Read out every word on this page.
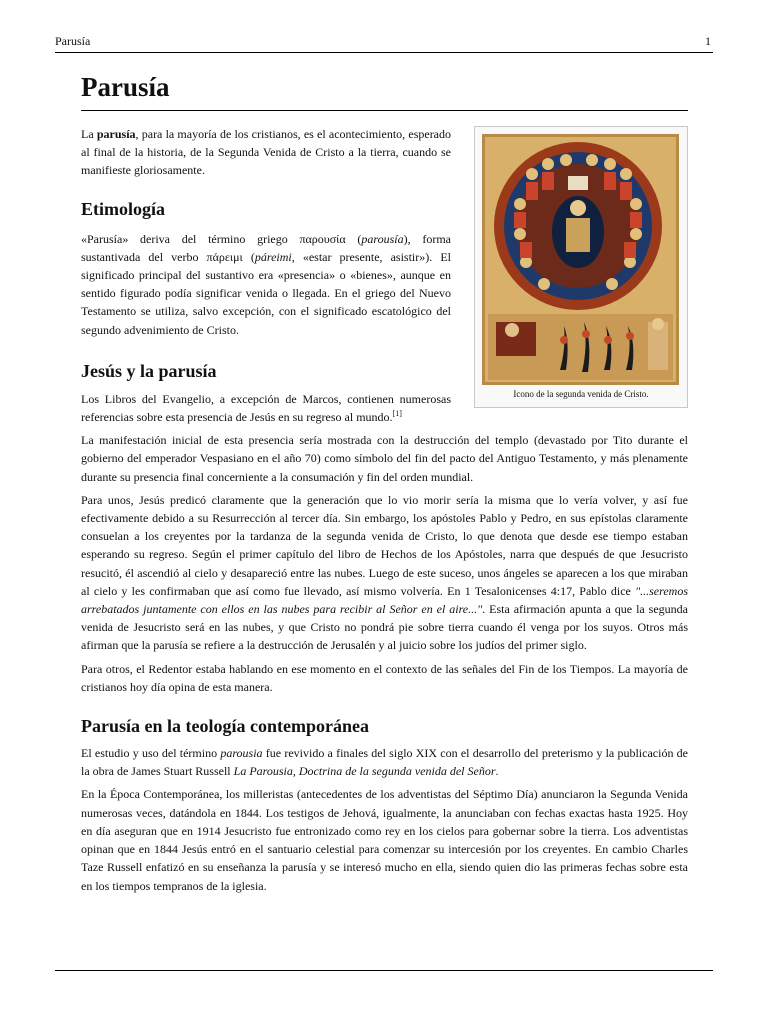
Parusía	1
Parusía
Icono de la segunda venida de Cristo.

La parusía, para la mayoría de los cristianos, es el acontecimiento, esperado al final de la historia, de la Segunda Venida de Cristo a la tierra, cuando se manifieste gloriosamente.

Etimología

«Parusía» deriva del término griego παρουσία (parousía), forma sustantivada del verbo πάρειμι (páreimi, «estar presente, asistir»). El significado principal del sustantivo era «presencia» o «bienes», aunque en sentido figurado podía significar venida o llegada. En el griego del Nuevo Testamento se utiliza, salvo excepción, con el significado escatológico del segundo advenimiento de Cristo.

Jesús y la parusía

Los Libros del Evangelio, a excepción de Marcos, contienen numerosas referencias sobre esta presencia de Jesús en su regreso al mundo.[1]

La manifestación inicial de esta presencia sería mostrada con la destrucción del templo (devastado por Tito durante el gobierno del emperador Vespasiano en el año 70) como símbolo del fin del pacto del Antiguo Testamento, y más plenamente durante su presencia final concerniente a la consumación y fin del orden mundial.

Para unos, Jesús predicó claramente que la generación que lo vio morir sería la misma que lo vería volver, y así fue efectivamente debido a su Resurrección al tercer día. Sin embargo, los apóstoles Pablo y Pedro, en sus epístolas claramente consuelan a los creyentes por la tardanza de la segunda venida de Cristo, lo que denota que desde ese tiempo estaban esperando su regreso. Según el primer capítulo del libro de Hechos de los Apóstoles, narra que después de que Jesucristo resucitó, él ascendió al cielo y desapareció entre las nubes. Luego de este suceso, unos ángeles se aparecen a los que miraban al cielo y les confirmaban que así como fue llevado, así mismo volvería. En 1 Tesalonicenses 4:17, Pablo dice "...seremos arrebatados juntamente con ellos en las nubes para recibir al Señor en el aire...". Esta afirmación apunta a que la segunda venida de Jesucristo será en las nubes, y que Cristo no pondrá pie sobre tierra cuando él venga por los suyos. Otros más afirman que la parusía se refiere a la destrucción de Jerusalén y al juicio sobre los judíos del primer siglo.

Para otros, el Redentor estaba hablando en ese momento en el contexto de las señales del Fin de los Tiempos. La mayoría de cristianos hoy día opina de esta manera.

Parusía en la teología contemporánea

El estudio y uso del término parousia fue revivido a finales del siglo XIX con el desarrollo del preterismo y la publicación de la obra de James Stuart Russell La Parousia, Doctrina de la segunda venida del Señor.

En la Época Contemporánea, los milleristas (antecedentes de los adventistas del Séptimo Día) anunciaron la Segunda Venida numerosas veces, datándola en 1844. Los testigos de Jehová, igualmente, la anunciaban con fechas exactas hasta 1925. Hoy en día aseguran que en 1914 Jesucristo fue entronizado como rey en los cielos para gobernar sobre la tierra. Los adventistas opinan que en 1844 Jesús entró en el santuario celestial para comenzar su intercesión por los creyentes. En cambio Charles Taze Russell enfatizó en su enseñanza la parusía y se interesó mucho en ella, siendo quien dio las primeras fechas sobre esta en los tiempos tempranos de la iglesia.
